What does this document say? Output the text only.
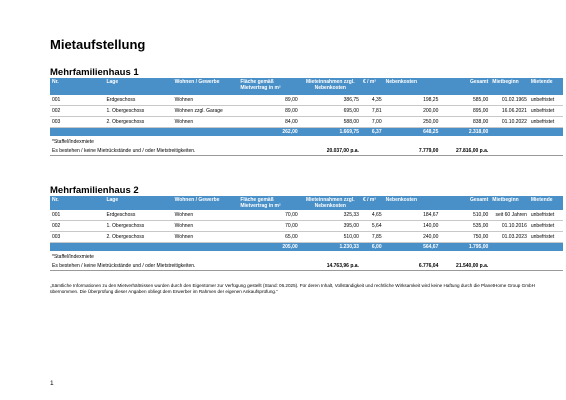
Mietaufstellung
Mehrfamilienhaus 1
Nr.	Lage	Wohnen / Gewerbe	Fläche gemäß Mietvertrag in m²	Mieteinnahmen zzgl. Nebenkosten	€ / m²	Nebenkosten	Gesamt	Mietbeginn	Mietende
001	Erdgeschoss	Wohnen	89,00	386,75	4,35	198,25	585,00	01.02.1965	unbefristet
002	1. Obergeschoss	Wohnen zzgl. Garage	89,00	695,00	7,81	200,00	895,00	16.06.2021	unbefristet
003	2. Obergeschoss	Wohnen	84,00	588,00	7,00	250,00	838,00	01.10.2022	unbefristet
			262,00	1.669,75	6,37	648,25	2.318,00		

*Staffel/Indexmiete									
Es bestehen / keine Mietrückstände und / oder Mietstreitigkeiten.				20.037,00 p.a.		7.779,00	27.816,00 p.a.		
Mehrfamilienhaus 2
Nr.	Lage	Wohnen / Gewerbe	Fläche gemäß Mietvertrag in m²	Mieteinnahmen zzgl. Nebenkosten	€ / m²	Nebenkosten	Gesamt	Mietbeginn	Mietende
001	Erdgeschoss	Wohnen	70,00	325,33	4,65	184,67	510,00	seit 60 Jahren	unbefristet
002	1. Obergeschoss	Wohnen	70,00	395,00	5,64	140,00	535,00	01.10.2016	unbefristet
003	2. Obergeschoss	Wohnen	65,00	510,00	7,85	240,00	750,00	01.03.2023	unbefristet
			205,00	1.230,33	6,00	564,67	1.795,00		

*Staffel/Indexmiete									
Es bestehen / keine Mietrückstände und / oder Mietstreitigkeiten.				14.763,96 p.a.		6.776,04	21.540,00 p.a.		
„Sämtliche Informationen zu den Mietverhältnissen wurden durch den Eigentümer zur Verfügung gestellt (Stand: 06.2025). Für deren Inhalt, Vollständigkeit und rechtliche Wirksamkeit wird keine Haftung durch die PlanetHome Group GmbH übernommen. Die Überprüfung dieser Angaben obliegt dem Erwerber im Rahmen der eigenen Ankaufsprüfung.“
1
